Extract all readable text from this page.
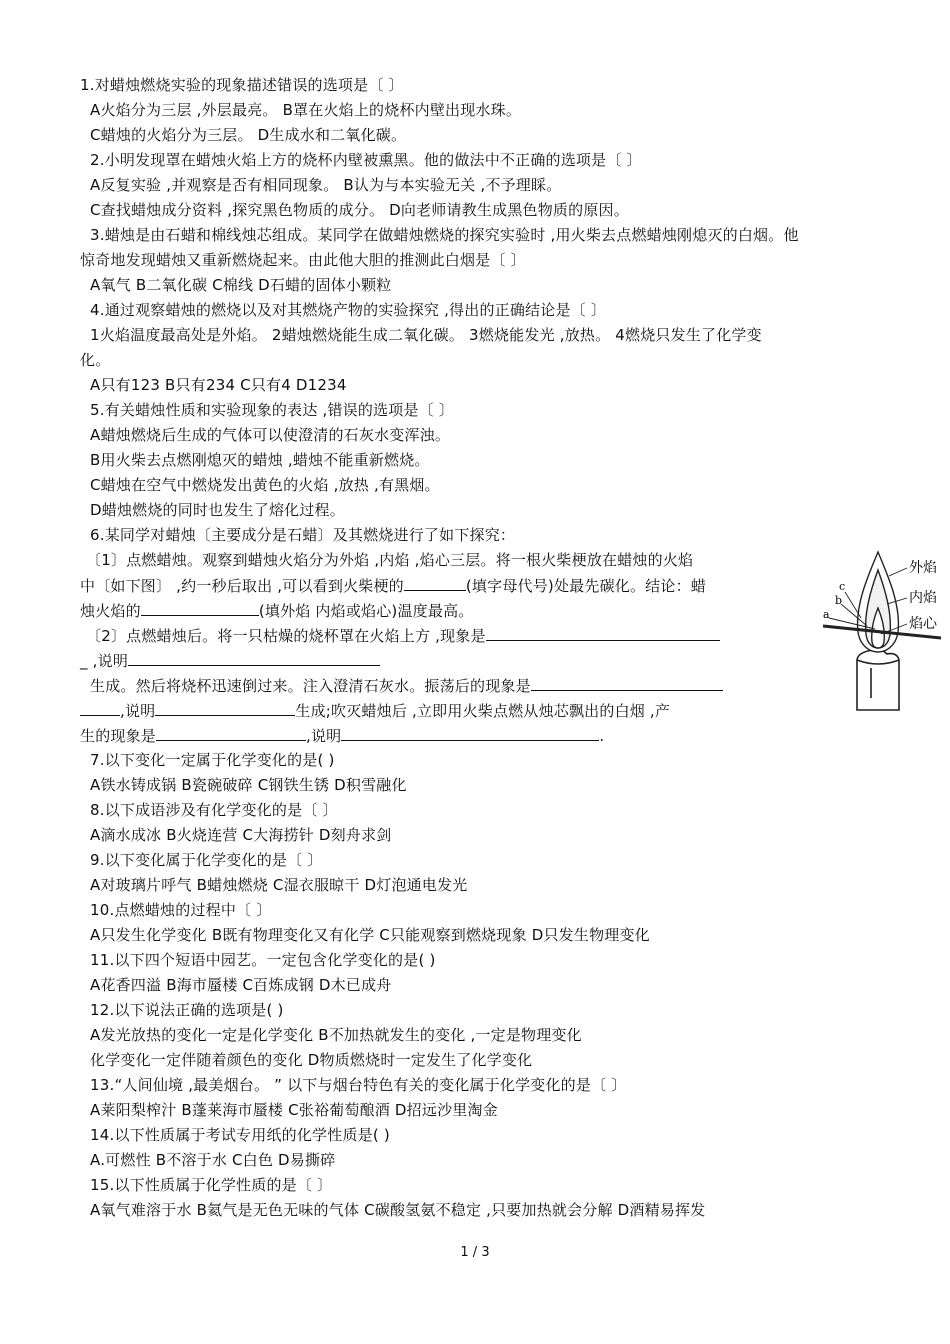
1.对蜡烛燃烧实验的现象描述错误的选项是〔 〕
A火焰分为三层 ,外层最亮。 B罩在火焰上的烧杯内壁出现水珠。
C蜡烛的火焰分为三层。 D生成水和二氧化碳。
2.小明发现罩在蜡烛火焰上方的烧杯内壁被熏黑。他的做法中不正确的选项是〔 〕
A反复实验 ,并观察是否有相同现象。 B认为与本实验无关 ,不予理睬。
C查找蜡烛成分资料 ,探究黑色物质的成分。 D向老师请教生成黑色物质的原因。
3.蜡烛是由石蜡和棉线烛芯组成。某同学在做蜡烛燃烧的探究实验时 ,用火柴去点燃蜡烛刚熄灭的白烟。他
惊奇地发现蜡烛又重新燃烧起来。由此他大胆的推测此白烟是〔 〕
A氧气 B二氧化碳 C棉线 D石蜡的固体小颗粒
4.通过观察蜡烛的燃烧以及对其燃烧产物的实验探究 ,得出的正确结论是〔 〕
1火焰温度最高处是外焰。 2蜡烛燃烧能生成二氧化碳。 3燃烧能发光 ,放热。 4燃烧只发生了化学变
化。
A只有123 B只有234 C只有4 D1234
5.有关蜡烛性质和实验现象的表达 ,错误的选项是〔 〕
A蜡烛燃烧后生成的气体可以使澄清的石灰水变浑浊。
B用火柴去点燃刚熄灭的蜡烛 ,蜡烛不能重新燃烧。
C蜡烛在空气中燃烧发出黄色的火焰 ,放热 ,有黑烟。
D蜡烛燃烧的同时也发生了熔化过程。
6.某同学对蜡烛〔主要成分是石蜡〕及其燃烧进行了如下探究：
〔1〕点燃蜡烛。观察到蜡烛火焰分为外焰 ,内焰 ,焰心三层。将一根火柴梗放在蜡烛的火焰
中〔如下图〕 ,约一秒后取出 ,可以看到火柴梗的	(填字母代号)处最先碳化。结论：蜡
烛火焰的	(填外焰 内焰或焰心)温度最高。
〔2〕点燃蜡烛后。将一只枯燥的烧杯罩在火焰上方 ,现象是
_ ,说明
生成。然后将烧杯迅速倒过来。注入澄清石灰水。振荡后的现象是
,说明	生成;吹灭蜡烛后 ,立即用火柴点燃从烛芯飘出的白烟 ,产
生的现象是	,说明	.
外焰
内焰
焰心
c
b
a
7.以下变化一定属于化学变化的是( )
A铁水铸成锅 B瓷碗破碎 C钢铁生锈 D积雪融化
8.以下成语涉及有化学变化的是〔 〕
A滴水成冰 B火烧连营 C大海捞针 D刻舟求剑
9.以下变化属于化学变化的是〔 〕
A对玻璃片呼气 B蜡烛燃烧 C湿衣服晾干 D灯泡通电发光
10.点燃蜡烛的过程中〔 〕
A只发生化学变化 B既有物理变化又有化学 C只能观察到燃烧现象 D只发生物理变化
11.以下四个短语中园艺。一定包含化学变化的是( )
A花香四溢 B海市蜃楼 C百炼成钢 D木已成舟
12.以下说法正确的选项是( )
A发光放热的变化一定是化学变化 B不加热就发生的变化 ,一定是物理变化
化学变化一定伴随着颜色的变化 D物质燃烧时一定发生了化学变化
13.“人间仙境 ,最美烟台。 ” 以下与烟台特色有关的变化属于化学变化的是〔 〕
A莱阳梨榨汁 B蓬莱海市蜃楼 C张裕葡萄酿酒 D招远沙里淘金
14.以下性质属于考试专用纸的化学性质是( )
A.可燃性 B不溶于水 C白色 D易撕碎
15.以下性质属于化学性质的是〔 〕
A氧气难溶于水 B氦气是无色无味的气体 C碳酸氢氨不稳定 ,只要加热就会分解 D酒精易挥发
1 / 3
